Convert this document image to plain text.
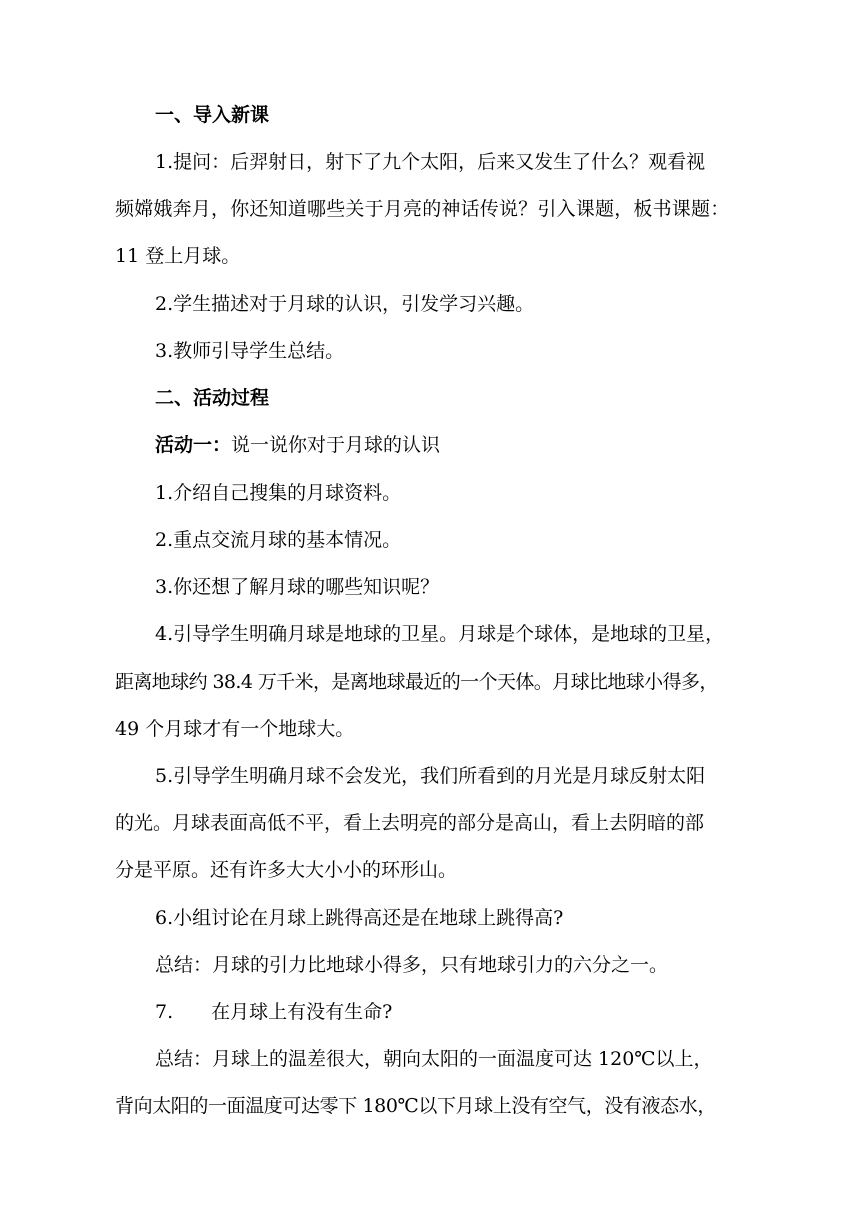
一、导入新课
1.提问：后羿射日，射下了九个太阳，后来又发生了什么？观看视
频嫦娥奔月，你还知道哪些关于月亮的神话传说？引入课题，板书课题：
11 登上月球。
2.学生描述对于月球的认识，引发学习兴趣。
3.教师引导学生总结。
二、活动过程
活动一：说一说你对于月球的认识
1.介绍自己搜集的月球资料。
2.重点交流月球的基本情况。
3.你还想了解月球的哪些知识呢？
4.引导学生明确月球是地球的卫星。月球是个球体，是地球的卫星，
距离地球约 38.4 万千米，是离地球最近的一个天体。月球比地球小得多，
49 个月球才有一个地球大。
5.引导学生明确月球不会发光，我们所看到的月光是月球反射太阳
的光。月球表面高低不平，看上去明亮的部分是高山，看上去阴暗的部
分是平原。还有许多大大小小的环形山。
6.小组讨论在月球上跳得高还是在地球上跳得高?
总结：月球的引力比地球小得多，只有地球引力的六分之一。
7. 在月球上有没有生命?
总结：月球上的温差很大，朝向太阳的一面温度可达 120℃以上，
背向太阳的一面温度可达零下 180℃以下月球上没有空气，没有液态水，
